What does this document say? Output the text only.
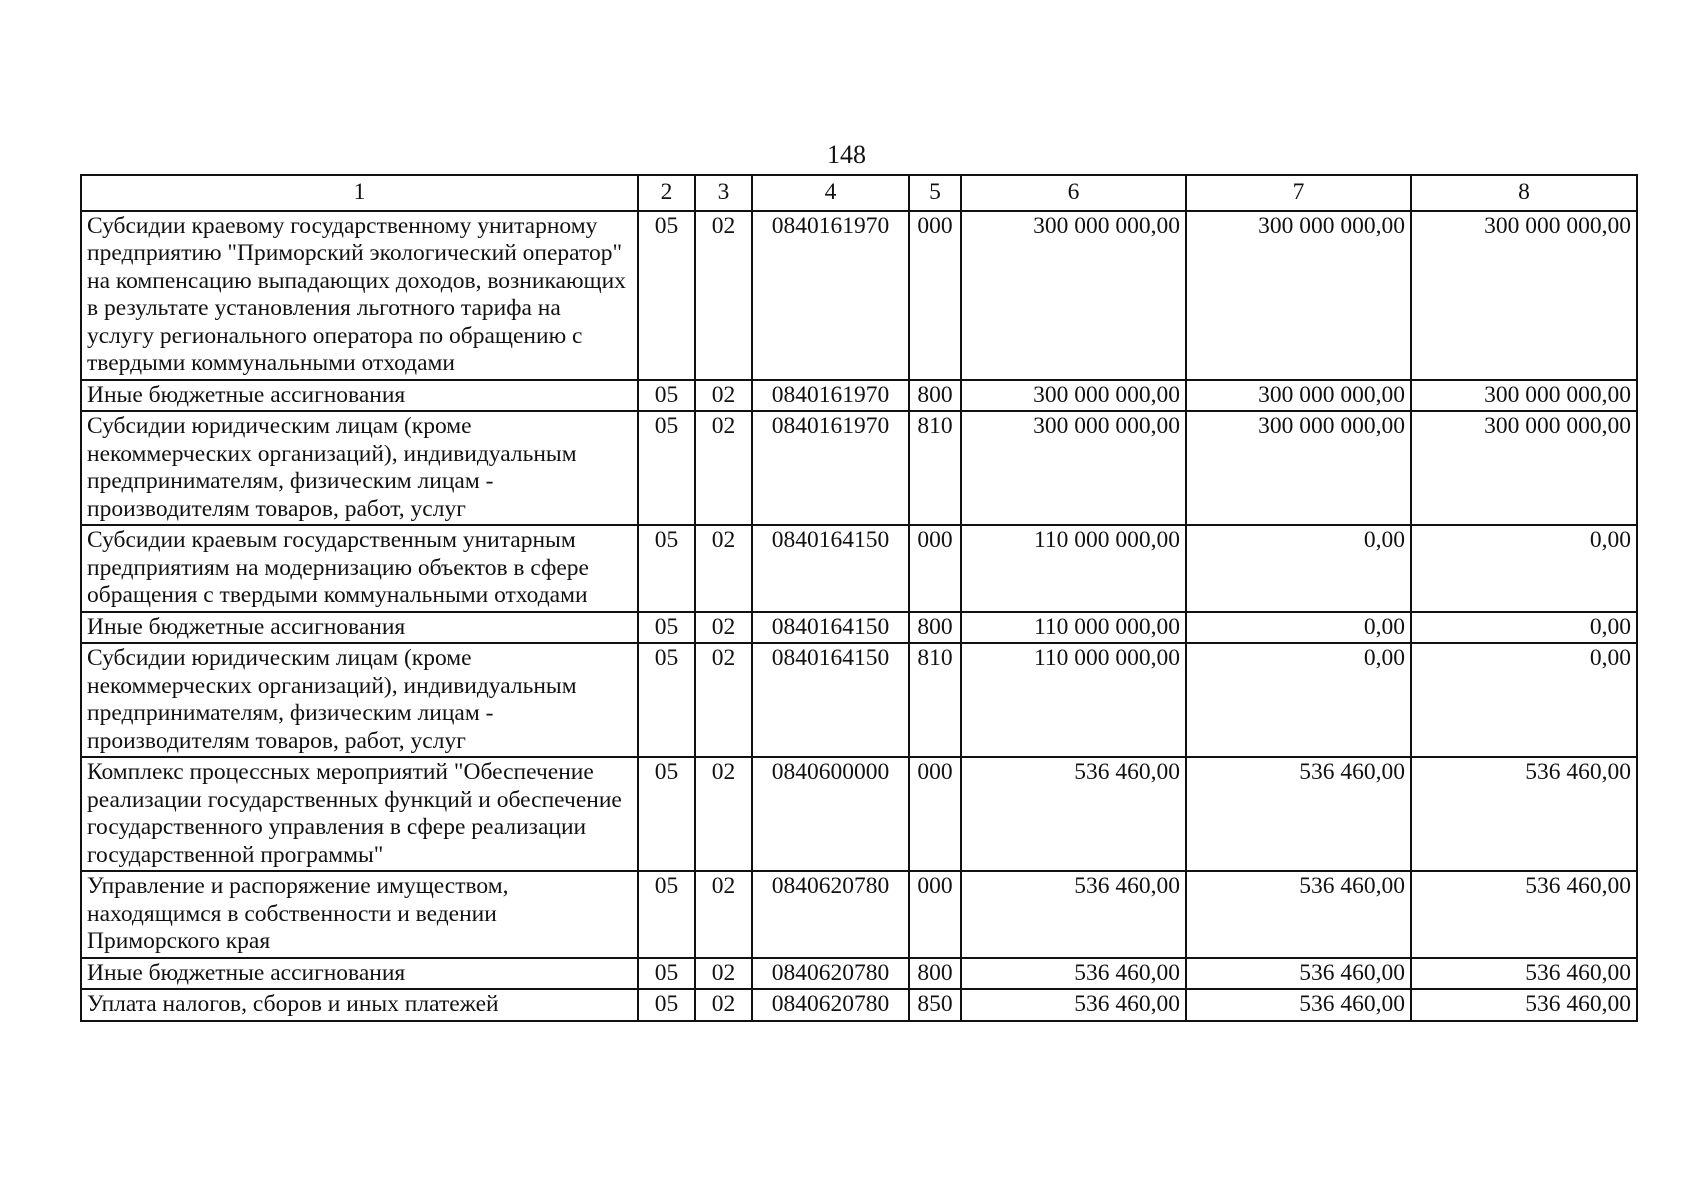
148
1	2	3	4	5	6	7	8
Субсидии краевому государственному унитарному предприятию "Приморский экологический оператор" на компенсацию выпадающих доходов, возникающих в результате установления льготного тарифа на услугу регионального оператора по обращению с твердыми коммунальными отходами	05	02	0840161970	000	300 000 000,00	300 000 000,00	300 000 000,00
Иные бюджетные ассигнования	05	02	0840161970	800	300 000 000,00	300 000 000,00	300 000 000,00
Субсидии юридическим лицам (кроме некоммерческих организаций), индивидуальным предпринимателям, физическим лицам - производителям товаров, работ, услуг	05	02	0840161970	810	300 000 000,00	300 000 000,00	300 000 000,00
Субсидии краевым государственным унитарным предприятиям на модернизацию объектов в сфере обращения с твердыми коммунальными отходами	05	02	0840164150	000	110 000 000,00	0,00	0,00
Иные бюджетные ассигнования	05	02	0840164150	800	110 000 000,00	0,00	0,00
Субсидии юридическим лицам (кроме некоммерческих организаций), индивидуальным предпринимателям, физическим лицам - производителям товаров, работ, услуг	05	02	0840164150	810	110 000 000,00	0,00	0,00
Комплекс процессных мероприятий "Обеспечение реализации государственных функций и обеспечение государственного управления в сфере реализации государственной программы"	05	02	0840600000	000	536 460,00	536 460,00	536 460,00
Управление и распоряжение имуществом, находящимся в собственности и ведении Приморского края	05	02	0840620780	000	536 460,00	536 460,00	536 460,00
Иные бюджетные ассигнования	05	02	0840620780	800	536 460,00	536 460,00	536 460,00
Уплата налогов, сборов и иных платежей	05	02	0840620780	850	536 460,00	536 460,00	536 460,00
